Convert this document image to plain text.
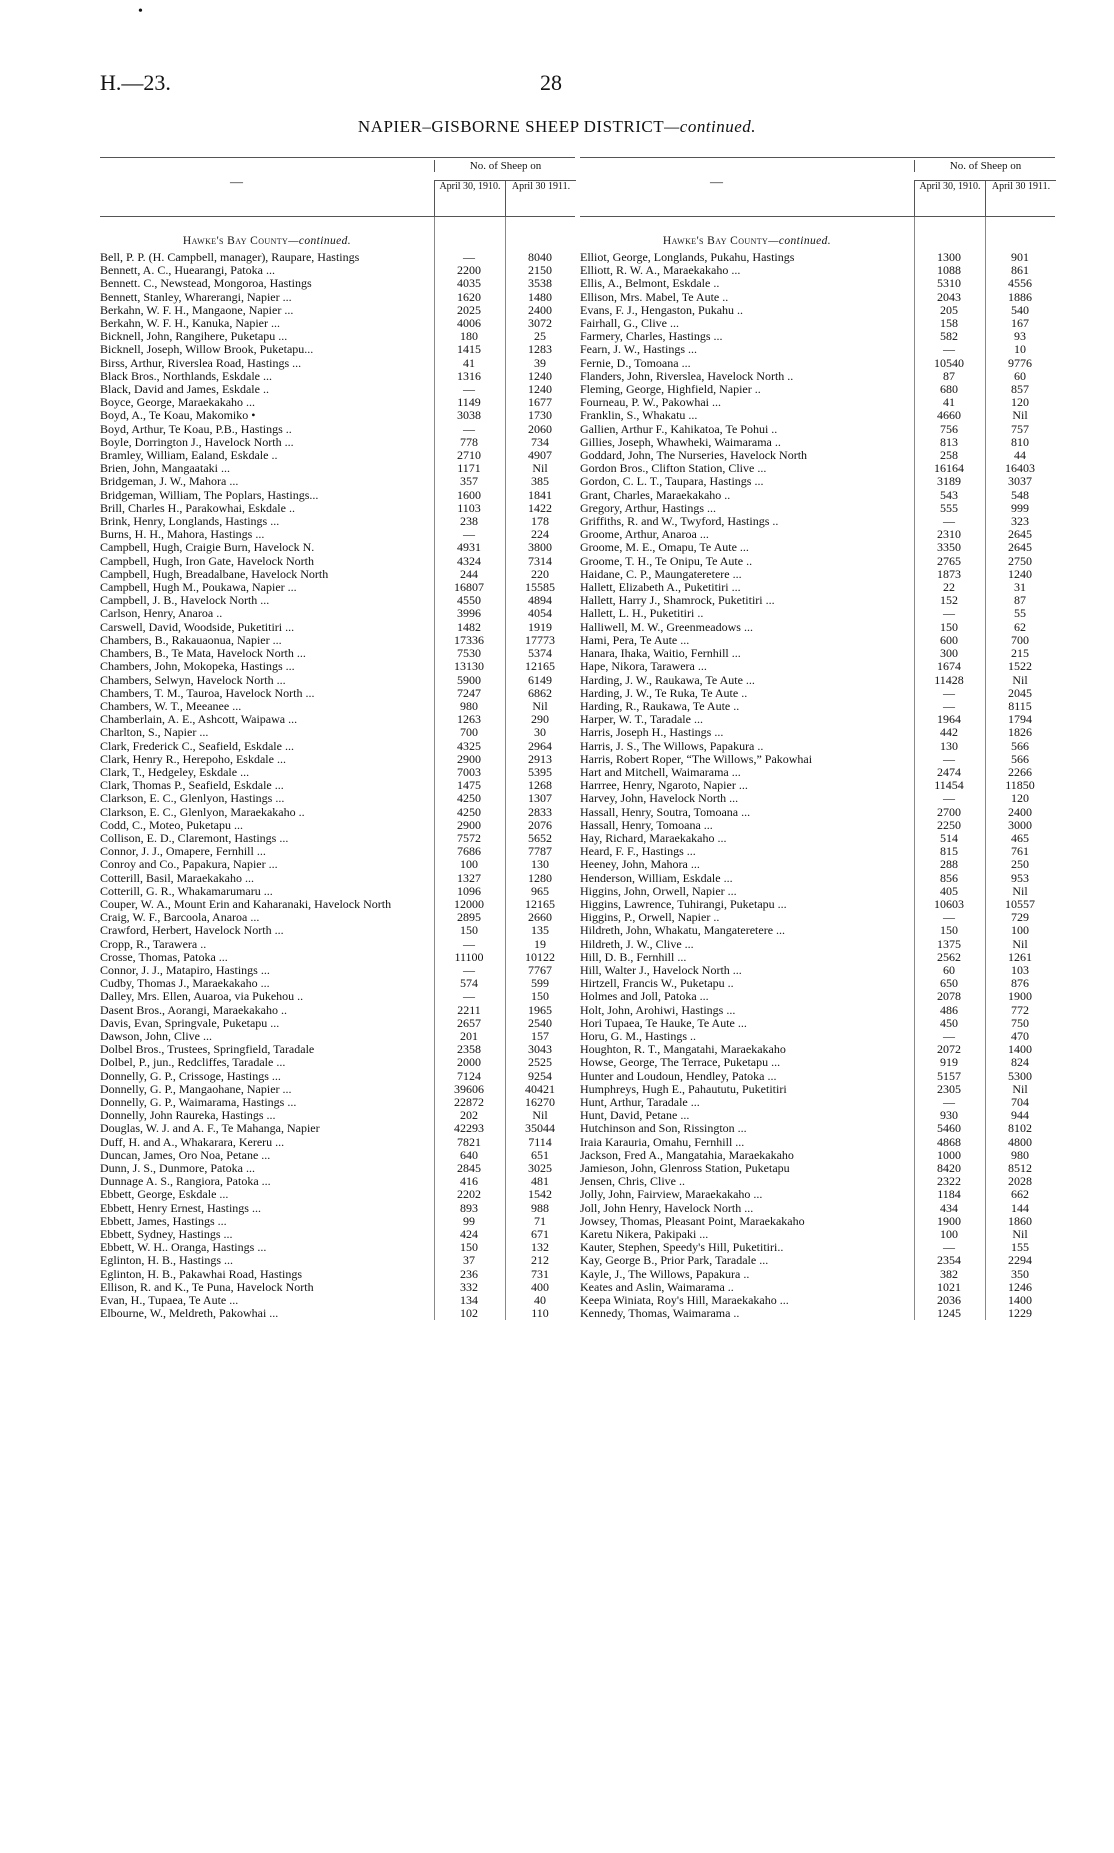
•
H.—23.	28
NAPIER–GISBORNE SHEEP DISTRICT—continued.
—
No. of Sheep on
April 30, 1910.	April 30 1911.
Hawke's Bay County—continued.
Bell, P. P. (H. Campbell, manager), Raupare, Hastings	—	8040
Bennett, A. C., Huearangi, Patoka ...	2200	2150
Bennett. C., Newstead, Mongoroa, Hastings	4035	3538
Bennett, Stanley, Wharerangi, Napier ...	1620	1480
Berkahn, W. F. H., Mangaone, Napier ...	2025	2400
Berkahn, W. F. H., Kanuka, Napier ...	4006	3072
Bicknell, John, Rangihere, Puketapu ...	180	25
Bicknell, Joseph, Willow Brook, Puketapu...	1415	1283
Birss, Arthur, Riverslea Road, Hastings ...	41	39
Black Bros., Northlands, Eskdale ...	1316	1240
Black, David and James, Eskdale ..	—	1240
Boyce, George, Maraekakaho ...	1149	1677
Boyd, A., Te Koau, Makomiko •	3038	1730
Boyd, Arthur, Te Koau, P.B., Hastings ..	—	2060
Boyle, Dorrington J., Havelock North ...	778	734
Bramley, William, Ealand, Eskdale ..	2710	4907
Brien, John, Mangaataki ...	1171	Nil
Bridgeman, J. W., Mahora ...	357	385
Bridgeman, William, The Poplars, Hastings...	1600	1841
Brill, Charles H., Parakowhai, Eskdale ..	1103	1422
Brink, Henry, Longlands, Hastings ...	238	178
Burns, H. H., Mahora, Hastings ...	—	224
Campbell, Hugh, Craigie Burn, Havelock N.	4931	3800
Campbell, Hugh, Iron Gate, Havelock North	4324	7314
Campbell, Hugh, Breadalbane, Havelock North	244	220
Campbell, Hugh M., Poukawa, Napier ...	16807	15585
Campbell, J. B., Havelock North ...	4550	4894
Carlson, Henry, Anaroa ..	3996	4054
Carswell, David, Woodside, Puketitiri ...	1482	1919
Chambers, B., Rakauaonua, Napier ...	17336	17773
Chambers, B., Te Mata, Havelock North ...	7530	5374
Chambers, John, Mokopeka, Hastings ...	13130	12165
Chambers, Selwyn, Havelock North ...	5900	6149
Chambers, T. M., Tauroa, Havelock North ...	7247	6862
Chambers, W. T., Meeanee ...	980	Nil
Chamberlain, A. E., Ashcott, Waipawa ...	1263	290
Charlton, S., Napier ...	700	30
Clark, Frederick C., Seafield, Eskdale ...	4325	2964
Clark, Henry R., Herepoho, Eskdale ...	2900	2913
Clark, T., Hedgeley, Eskdale ...	7003	5395
Clark, Thomas P., Seafield, Eskdale ...	1475	1268
Clarkson, E. C., Glenlyon, Hastings ...	4250	1307
Clarkson, E. C., Glenlyon, Maraekakaho ..	4250	2833
Codd, C., Moteo, Puketapu ...	2900	2076
Collison, E. D., Claremont, Hastings ...	7572	5652
Connor, J. J., Omapere, Fernhill ...	7686	7787
Conroy and Co., Papakura, Napier ...	100	130
Cotterill, Basil, Maraekakaho ...	1327	1280
Cotterill, G. R., Whakamarumaru ...	1096	965
Couper, W. A., Mount Erin and Kaharanaki, Havelock North	12000	12165
Craig, W. F., Barcoola, Anaroa ...	2895	2660
Crawford, Herbert, Havelock North ...	150	135
Cropp, R., Tarawera ..	—	19
Crosse, Thomas, Patoka ...	11100	10122
Connor, J. J., Matapiro, Hastings ...	—	7767
Cudby, Thomas J., Maraekakaho ...	574	599
Dalley, Mrs. Ellen, Auaroa, via Pukehou ..	—	150
Dasent Bros., Aorangi, Maraekakaho ..	2211	1965
Davis, Evan, Springvale, Puketapu ...	2657	2540
Dawson, John, Clive ...	201	157
Dolbel Bros., Trustees, Springfield, Taradale	2358	3043
Dolbel, P., jun., Redcliffes, Taradale ...	2000	2525
Donnelly, G. P., Crissoge, Hastings ...	7124	9254
Donnelly, G. P., Mangaohane, Napier ...	39606	40421
Donnelly, G. P., Waimarama, Hastings ...	22872	16270
Donnelly, John Raureka, Hastings ...	202	Nil
Douglas, W. J. and A. F., Te Mahanga, Napier	42293	35044
Duff, H. and A., Whakarara, Kereru ...	7821	7114
Duncan, James, Oro Noa, Petane ...	640	651
Dunn, J. S., Dunmore, Patoka ...	2845	3025
Dunnage A. S., Rangiora, Patoka ...	416	481
Ebbett, George, Eskdale ...	2202	1542
Ebbett, Henry Ernest, Hastings ...	893	988
Ebbett, James, Hastings ...	99	71
Ebbett, Sydney, Hastings ...	424	671
Ebbett, W. H.. Oranga, Hastings ...	150	132
Eglinton, H. B., Hastings ...	37	212
Eglinton, H. B., Pakawhai Road, Hastings	236	731
Ellison, R. and K., Te Puna, Havelock North	332	400
Evan, H., Tupaea, Te Aute ...	134	40
Elbourne, W., Meldreth, Pakowhai ...	102	110
—
No. of Sheep on
April 30, 1910.	April 30 1911.
Hawke's Bay County—continued.
Elliot, George, Longlands, Pukahu, Hastings	1300	901
Elliott, R. W. A., Maraekakaho ...	1088	861
Ellis, A., Belmont, Eskdale ..	5310	4556
Ellison, Mrs. Mabel, Te Aute ..	2043	1886
Evans, F. J., Hengaston, Pukahu ..	205	540
Fairhall, G., Clive ...	158	167
Farmery, Charles, Hastings ...	582	93
Fearn, J. W., Hastings ...	—	10
Fernie, D., Tomoana ...	10540	9776
Flanders, John, Riverslea, Havelock North ..	87	60
Fleming, George, Highfield, Napier ..	680	857
Fourneau, P. W., Pakowhai ...	41	120
Franklin, S., Whakatu ...	4660	Nil
Gallien, Arthur F., Kahikatoa, Te Pohui ..	756	757
Gillies, Joseph, Whawheki, Waimarama ..	813	810
Goddard, John, The Nurseries, Havelock North	258	44
Gordon Bros., Clifton Station, Clive ...	16164	16403
Gordon, C. L. T., Taupara, Hastings ...	3189	3037
Grant, Charles, Maraekakaho ..	543	548
Gregory, Arthur, Hastings ...	555	999
Griffiths, R. and W., Twyford, Hastings ..	—	323
Groome, Arthur, Anaroa ...	2310	2645
Groome, M. E., Omapu, Te Aute ...	3350	2645
Groome, T. H., Te Onipu, Te Aute ..	2765	2750
Haidane, C. P., Maungateretere ...	1873	1240
Hallett, Elizabeth A., Puketitiri ...	22	31
Hallett, Harry J., Shamrock, Puketitiri ...	152	87
Hallett, L. H., Puketitiri ..	—	55
Halliwell, M. W., Greenmeadows ...	150	62
Hami, Pera, Te Aute ...	600	700
Hanara, Ihaka, Waitio, Fernhill ...	300	215
Hape, Nikora, Tarawera ...	1674	1522
Harding, J. W., Raukawa, Te Aute ...	11428	Nil
Harding, J. W., Te Ruka, Te Aute ..	—	2045
Harding, R., Raukawa, Te Aute ..	—	8115
Harper, W. T., Taradale ...	1964	1794
Harris, Joseph H., Hastings ...	442	1826
Harris, J. S., The Willows, Papakura ..	130	566
Harris, Robert Roper, “The Willows,” Pakowhai	—	566
Hart and Mitchell, Waimarama ...	2474	2266
Harrree, Henry, Ngaroto, Napier ...	11454	11850
Harvey, John, Havelock North ...	—	120
Hassall, Henry, Soutra, Tomoana ...	2700	2400
Hassall, Henry, Tomoana ...	2250	3000
Hay, Richard, Maraekakaho ...	514	465
Heard, F. F., Hastings ...	815	761
Heeney, John, Mahora ...	288	250
Henderson, William, Eskdale ...	856	953
Higgins, John, Orwell, Napier ...	405	Nil
Higgins, Lawrence, Tuhirangi, Puketapu ...	10603	10557
Higgins, P., Orwell, Napier ..	—	729
Hildreth, John, Whakatu, Mangateretere ...	150	100
Hildreth, J. W., Clive ...	1375	Nil
Hill, D. B., Fernhill ...	2562	1261
Hill, Walter J., Havelock North ...	60	103
Hirtzell, Francis W., Puketapu ..	650	876
Holmes and Joll, Patoka ...	2078	1900
Holt, John, Arohiwi, Hastings ...	486	772
Hori Tupaea, Te Hauke, Te Aute ...	450	750
Horu, G. M., Hastings ..	—	470
Houghton, R. T., Mangatahi, Maraekakaho	2072	1400
Howse, George, The Terrace, Puketapu ...	919	824
Hunter and Loudoun, Hendley, Patoka ...	5157	5300
Humphreys, Hugh E., Pahaututu, Puketitiri	2305	Nil
Hunt, Arthur, Taradale ...	—	704
Hunt, David, Petane ...	930	944
Hutchinson and Son, Rissington ...	5460	8102
Iraia Karauria, Omahu, Fernhill ...	4868	4800
Jackson, Fred A., Mangatahia, Maraekakaho	1000	980
Jamieson, John, Glenross Station, Puketapu	8420	8512
Jensen, Chris, Clive ..	2322	2028
Jolly, John, Fairview, Maraekakaho ...	1184	662
Joll, John Henry, Havelock North ...	434	144
Jowsey, Thomas, Pleasant Point, Maraekakaho	1900	1860
Karetu Nikera, Pakipaki ...	100	Nil
Kauter, Stephen, Speedy's Hill, Puketitiri..	—	155
Kay, George B., Prior Park, Taradale ...	2354	2294
Kayle, J., The Willows, Papakura ..	382	350
Keates and Aslin, Waimarama ..	1021	1246
Keepa Winiata, Roy's Hill, Maraekakaho ...	2036	1400
Kennedy, Thomas, Waimarama ..	1245	1229
